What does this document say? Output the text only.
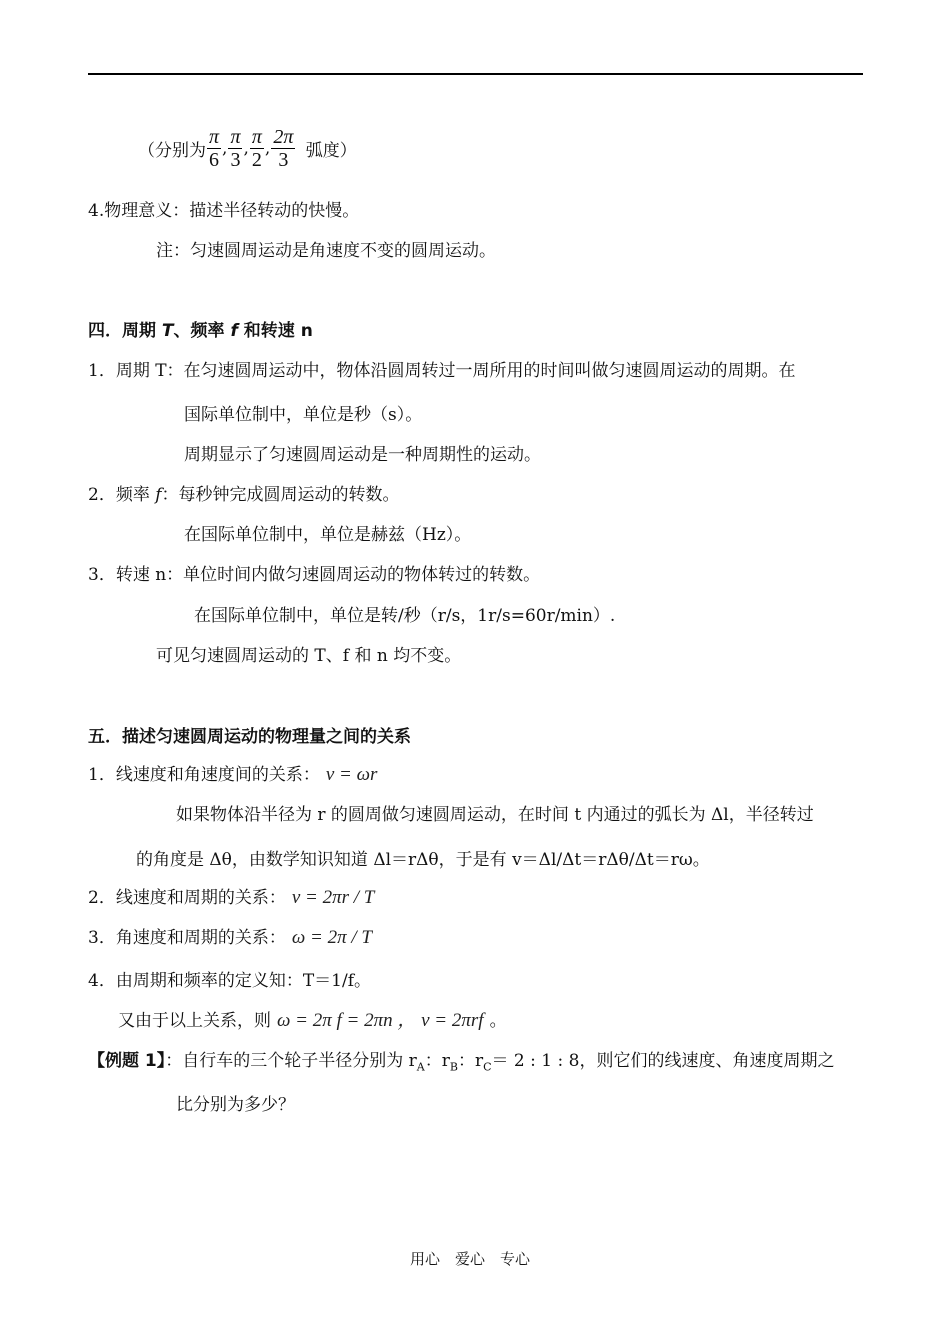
（分别为 $\frac{\pi}{6}$ , $\frac{\pi}{3}$ , $\frac{\pi}{2}$ , $\frac{2\pi}{3}$ 弧度）
4.物理意义：描述半径转动的快慢。
注：匀速圆周运动是角速度不变的圆周运动。
四．周期 T、频率 f 和转速 n
1．周期 T：在匀速圆周运动中，物体沿圆周转过一周所用的时间叫做匀速圆周运动的周期。在
国际单位制中，单位是秒（s）。
周期显示了匀速圆周运动是一种周期性的运动。
2．频率 f：每秒钟完成圆周运动的转数。
在国际单位制中，单位是赫兹（Hz）。
3．转速 n：单位时间内做匀速圆周运动的物体转过的转数。
在国际单位制中，单位是转/秒（r/s，1r/s=60r/min）.
可见匀速圆周运动的 T、f 和 n 均不变。
五．描述匀速圆周运动的物理量之间的关系
1．线速度和角速度间的关系： v = ωr
如果物体沿半径为 r 的圆周做匀速圆周运动，在时间 t 内通过的弧长为 Δl，半径转过
的角度是 Δθ，由数学知识知道 Δl＝rΔθ，于是有 v＝Δl/Δt＝rΔθ/Δt＝rω。
2．线速度和周期的关系： v = 2πr / T
3．角速度和周期的关系： ω = 2π / T
4．由周期和频率的定义知：T＝1/f。
又由于以上关系，则 ω = 2π f = 2πn ， v = 2πrf 。
【例题 1】：自行车的三个轮子半径分别为 $r_A$：$r_B$：$r_C= 2$ : 1 : 8，则它们的线速度、角速度周期之
比分别为多少？
用心　爱心　专心
